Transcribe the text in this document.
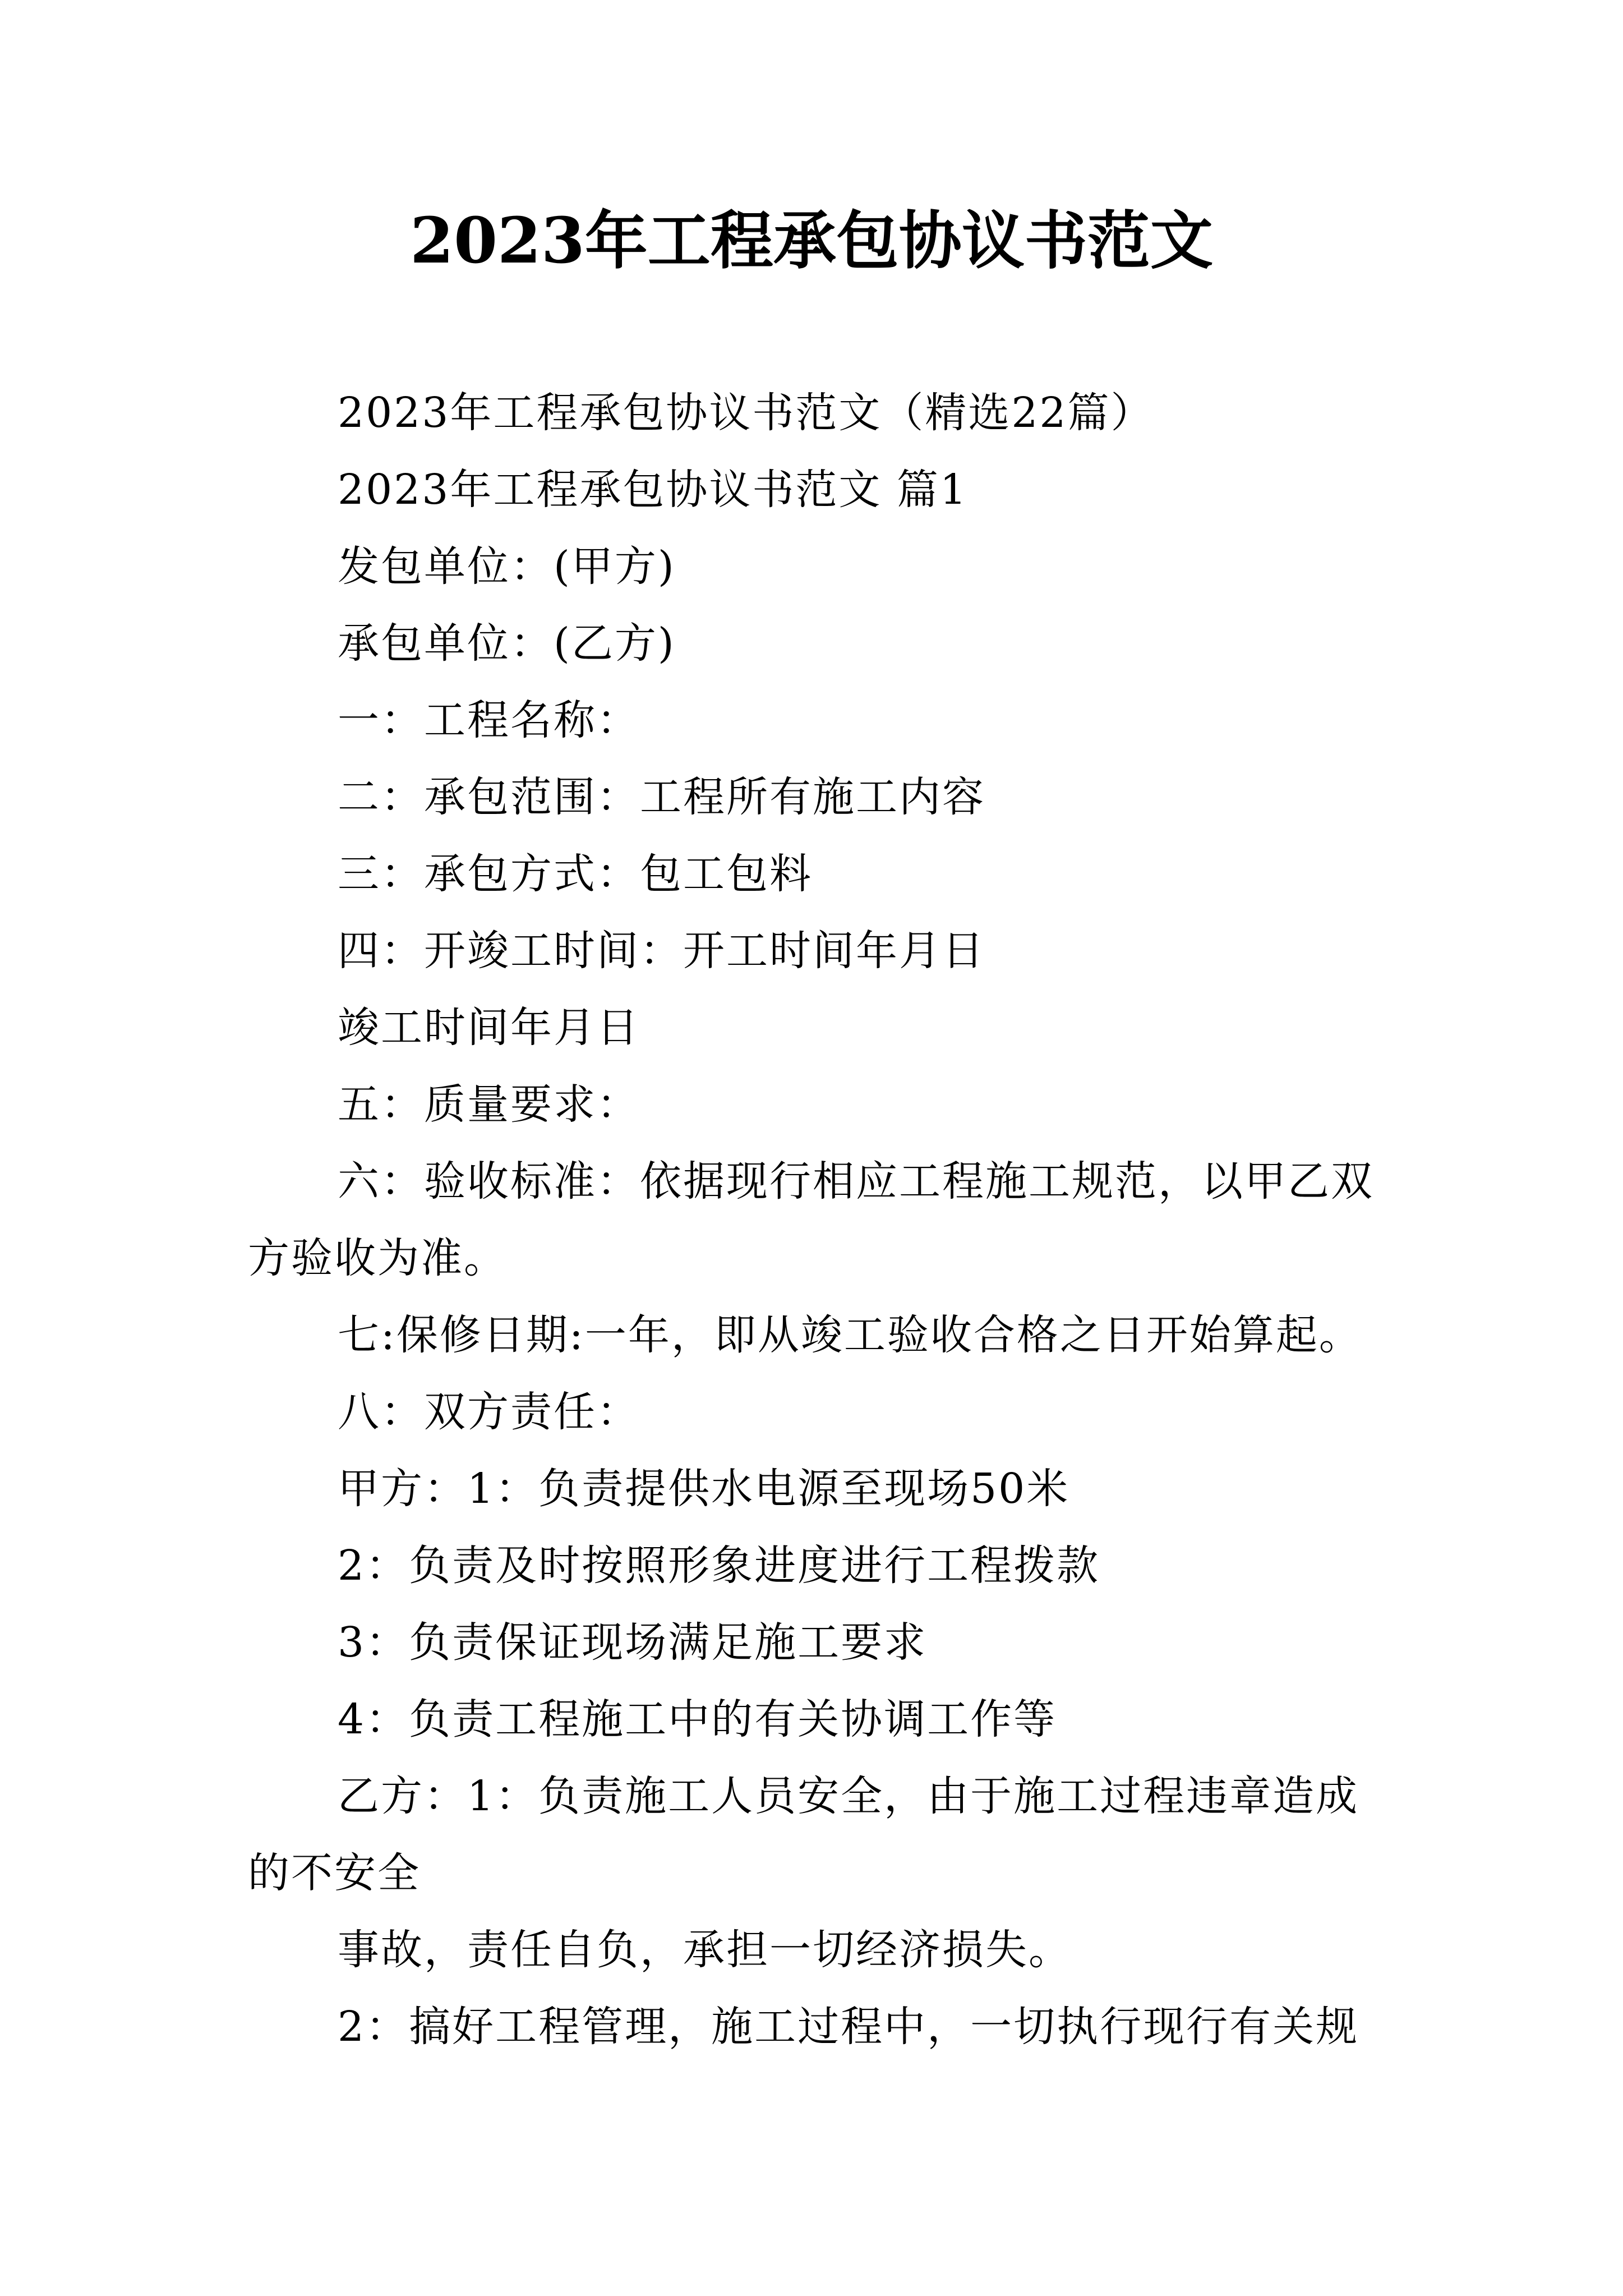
2023年工程承包协议书范文

2023年工程承包协议书范文（精选22篇）

2023年工程承包协议书范文 篇1

发包单位：(甲方)

承包单位：(乙方)

一：工程名称：

二：承包范围：工程所有施工内容

三：承包方式：包工包料

四：开竣工时间：开工时间年月日

竣工时间年月日

五：质量要求：

六：验收标准：依据现行相应工程施工规范，以甲乙双方验收为准。

七:保修日期:一年，即从竣工验收合格之日开始算起。

八：双方责任：

甲方：1：负责提供水电源至现场50米

2：负责及时按照形象进度进行工程拨款

3：负责保证现场满足施工要求

4：负责工程施工中的有关协调工作等

乙方：1：负责施工人员安全，由于施工过程违章造成的不安全

事故，责任自负，承担一切经济损失。

2：搞好工程管理，施工过程中，一切执行现行有关规
